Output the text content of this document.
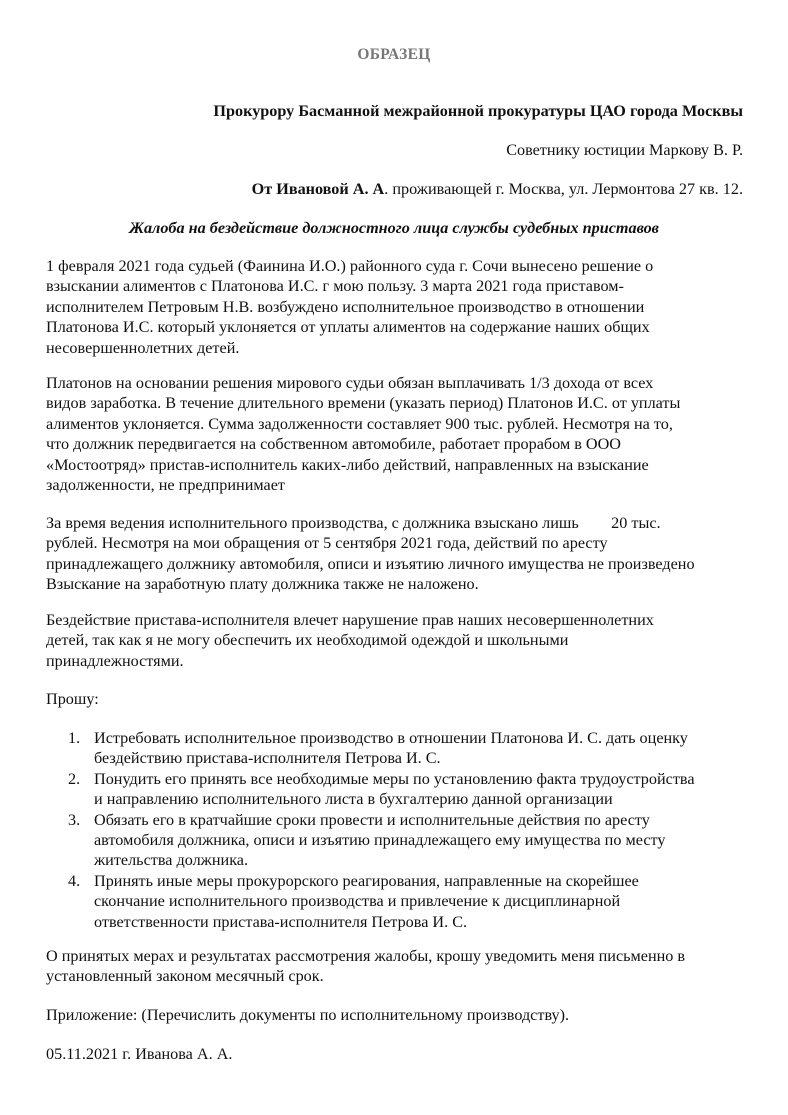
ОБРАЗЕЦ
Прокурору Басманной межрайонной прокуратуры ЦАО города Москвы
Советнику юстиции Маркову В. Р.
От Ивановой А. А. проживающей г. Москва, ул. Лермонтова 27 кв. 12.
Жалоба на бездействие должностного лица службы судебных приставов
1 февраля 2021 года судьей (Фаинина И.О.) районного суда г. Сочи вынесено решение о
взыскании алиментов с Платонова И.С. г мою пользу. 3 марта 2021 года приставом-
исполнителем Петровым Н.В. возбуждено исполнительное производство в отношении
Платонова И.С. который уклоняется от уплаты алиментов на содержание наших общих
несовершеннолетних детей.
Платонов на основании решения мирового судьи обязан выплачивать 1/3 дохода от всех
видов заработка. В течение длительного времени (указать период) Платонов И.С. от уплаты
алиментов уклоняется. Сумма задолженности составляет 900 тыс. рублей. Несмотря на то,
что должник передвигается на собственном автомобиле, работает прорабом в ООО
«Мостоотряд» пристав-исполнитель каких-либо действий, направленных на взыскание
задолженности, не предпринимает
За время ведения исполнительного производства, с должника взыскано лишь        20 тыс.
рублей. Несмотря на мои обращения от 5 сентября 2021 года, действий по аресту
принадлежащего должнику автомобиля, описи и изъятию личного имущества не произведено
Взыскание на заработную плату должника также не наложено.
Бездействие пристава-исполнителя влечет нарушение прав наших несовершеннолетних
детей, так как я не могу обеспечить их необходимой одеждой и школьными
принадлежностями.
Прошу:
1. Истребовать исполнительное производство в отношении Платонова И. С. дать оценку
бездействию пристава-исполнителя Петрова И. С.
2. Понудить его принять все необходимые меры по установлению факта трудоустройства
и направлению исполнительного листа в бухгалтерию данной организации
3. Обязать его в кратчайшие сроки провести и исполнительные действия по аресту
автомобиля должника, описи и изъятию принадлежащего ему имущества по месту
жительства должника.
4. Принять иные меры прокурорского реагирования, направленные на скорейшее
скончание исполнительного производства и привлечение к дисциплинарной
ответственности пристава-исполнителя Петрова И. С.
О принятых мерах и результатах рассмотрения жалобы, крошу уведомить меня письменно в
установленный законом месячный срок.
Приложение: (Перечислить документы по исполнительному производству).
05.11.2021 г. Иванова А. А.
